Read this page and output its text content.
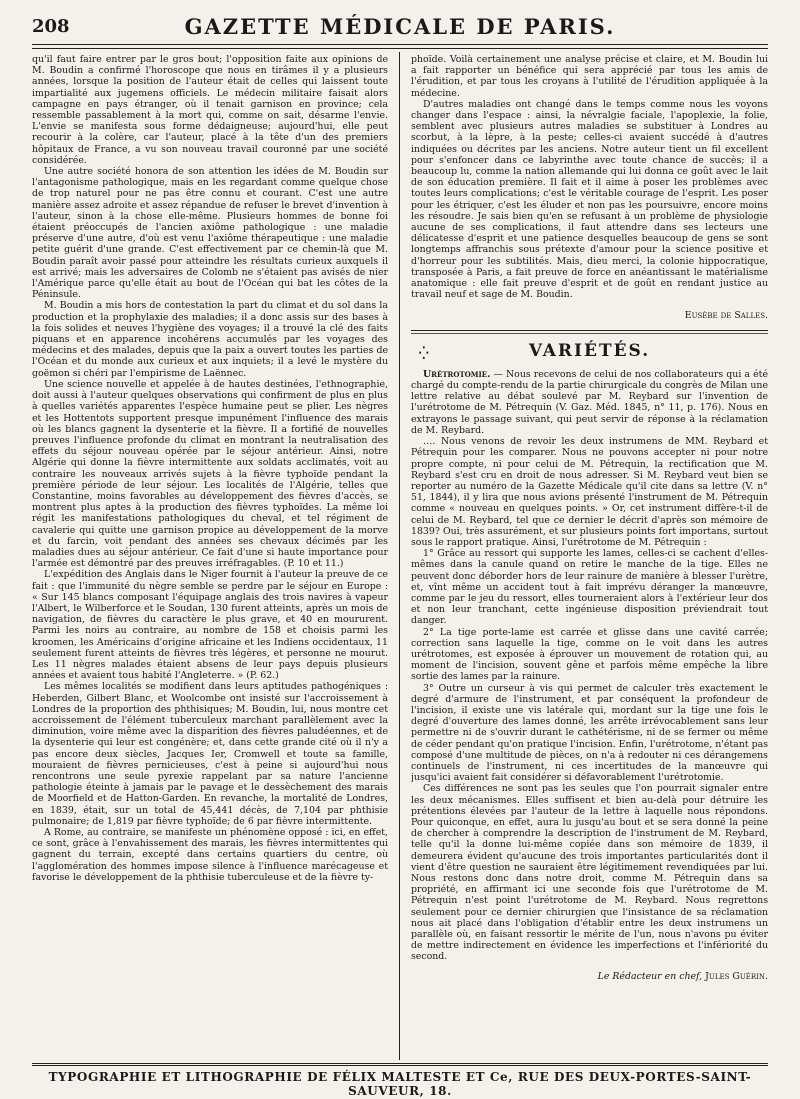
208	GAZETTE MÉDICALE DE PARIS.

qu'il faut faire entrer par le gros bout; l'opposition faite aux opinions de M. Boudin a confirmé l'horoscope que nous en tirâmes il y a plusieurs années, lorsque la position de l'auteur était de celles qui laissent toute impartialité aux jugemens officiels. Le médecin militaire faisait alors campagne en pays étranger, où il tenait garnison en province; cela ressemble passablement à la mort qui, comme on sait, désarme l'envie. L'envie se manifesta sous forme dédaigneuse; aujourd'hui, elle peut recourir à la colère, car l'auteur, placé à la tête d'un des premiers hôpitaux de France, a vu son nouveau travail couronné par une société considérée.

Une autre société honora de son attention les idées de M. Boudin sur l'antagonisme pathologique, mais en les regardant comme quelque chose de trop naturel pour ne pas être connu et courant. C'est une autre manière assez adroite et assez répandue de refuser le brevet d'invention à l'auteur, sinon à la chose elle-même. Plusieurs hommes de bonne foi étaient préoccupés de l'ancien axiôme pathologique : une maladie préserve d'une autre, d'où est venu l'axiôme thérapeutique : une maladie petite guérit d'une grande. C'est effectivement par ce chemin-là que M. Boudin paraît avoir passé pour atteindre les résultats curieux auxquels il est arrivé; mais les adversaires de Colomb ne s'étaient pas avisés de nier l'Amérique parce qu'elle était au bout de l'Océan qui bat les côtes de la Péninsule.

M. Boudin a mis hors de contestation la part du climat et du sol dans la production et la prophylaxie des maladies; il a donc assis sur des bases à la fois solides et neuves l'hygiène des voyages; il a trouvé la clé des faits piquans et en apparence incohérens accumulés par les voyages des médecins et des malades, depuis que la paix a ouvert toutes les parties de l'Océan et du monde aux curieux et aux inquiets; il a levé le mystère du goëmon si chéri par l'empirisme de Laënnec.

Une science nouvelle et appelée à de hautes destinées, l'ethnographie, doit aussi à l'auteur quelques observations qui confirment de plus en plus à quelles variétés apparentes l'espèce humaine peut se plier. Les nègres et les Hottentots supportent presque impunément l'influence des marais où les blancs gagnent la dysenterie et la fièvre. Il a fortifié de nouvelles preuves l'influence profonde du climat en montrant la neutralisation des effets du séjour nouveau opérée par le séjour antérieur. Ainsi, notre Algérie qui donne la fièvre intermittente aux soldats acclimatés, voit au contraire les nouveaux arrivés sujets à la fièvre typhoïde pendant la première période de leur séjour. Les localités de l'Algérie, telles que Constantine, moins favorables au développement des fièvres d'accès, se montrent plus aptes à la production des fièvres typhoïdes. La même loi régit les manifestations pathologiques du cheval, et tel régiment de cavalerie qui quitte une garnison propice au développement de la morve et du farcin, voit pendant des années ses chevaux décimés par les maladies dues au séjour antérieur. Ce fait d'une si haute importance pour l'armée est démontré par des preuves irréfragables. (P. 10 et 11.)

L'expédition des Anglais dans le Niger fournit à l'auteur la preuve de ce fait : que l'immunité du nègre semble se perdre par le séjour en Europe : « Sur 145 blancs composant l'équipage anglais des trois navires à vapeur l'Albert, le Wilberforce et le Soudan, 130 furent atteints, après un mois de navigation, de fièvres du caractère le plus grave, et 40 en moururent. Parmi les noirs au contraire, au nombre de 158 et choisis parmi les kroomen, les Américains d'origine africaine et les Indiens occidentaux, 11 seulement furent atteints de fièvres très légères, et personne ne mourut. Les 11 nègres malades étaient absens de leur pays depuis plusieurs années et avaient tous habité l'Angleterre. » (P. 62.)

Les mêmes localités se modifient dans leurs aptitudes pathogéniques : Heberden, Gilbert Blanc, et Woolcombe ont insisté sur l'accroissement à Londres de la proportion des phthisiques; M. Boudin, lui, nous montre cet accroissement de l'élément tuberculeux marchant parallèlement avec la diminution, voire même avec la disparition des fièvres paludéennes, et de la dysenterie qui leur est congénère; et, dans cette grande cité où il n'y a pas encore deux siècles, Jacques Ier, Cromwell et toute sa famille, mouraient de fièvres pernicieuses, c'est à peine si aujourd'hui nous rencontrons une seule pyrexie rappelant par sa nature l'ancienne pathologie éteinte à jamais par le pavage et le dessèchement des marais de Moorfield et de Hatton-Garden. En revanche, la mortalité de Londres, en 1839, était, sur un total de 45,441 décès, de 7,104 par phthisie pulmonaire; de 1,819 par fièvre typhoïde; de 6 par fièvre intermittente.

A Rome, au contraire, se manifeste un phénomène opposé : ici, en effet, ce sont, grâce à l'envahissement des marais, les fièvres intermittentes qui gagnent du terrain, excepté dans certains quartiers du centre, où l'agglomération des hommes impose silence à l'influence marécageuse et favorise le développement de la phthisie tuberculeuse et de la fièvre ty-

phoïde. Voilà certainement une analyse précise et claire, et M. Boudin lui a fait rapporter un bénéfice qui sera apprécié par tous les amis de l'érudition, et par tous les croyans à l'utilité de l'érudition appliquée à la médecine.

D'autres maladies ont changé dans le temps comme nous les voyons changer dans l'espace : ainsi, la névralgie faciale, l'apoplexie, la folie, semblent avec plusieurs autres maladies se substituer à Londres au scorbut, à la lèpre, à la peste; celles-ci avaient succédé à d'autres indiquées ou décrites par les anciens. Notre auteur tient un fil excellent pour s'enfoncer dans ce labyrinthe avec toute chance de succès; il a beaucoup lu, comme la nation allemande qui lui donna ce goût avec le lait de son éducation première. Il fait et il aime à poser les problèmes avec toutes leurs complications; c'est le véritable courage de l'esprit. Les poser pour les étriquer, c'est les éluder et non pas les poursuivre, encore moins les résoudre. Je sais bien qu'en se refusant à un problème de physiologie aucune de ses complications, il faut attendre dans ses lecteurs une délicatesse d'esprit et une patience desquelles beaucoup de gens se sont longtemps affranchis sous prétexte d'amour pour la science positive et d'horreur pour les subtilités. Mais, dieu merci, la colonie hippocratique, transposée à Paris, a fait preuve de force en anéantissant le matérialisme anatomique : elle fait preuve d'esprit et de goût en rendant justice au travail neuf et sage de M. Boudin.

Eusèbe de Salles.

⁛	VARIÉTÉS.

Urétrotomie. — Nous recevons de celui de nos collaborateurs qui a été chargé du compte-rendu de la partie chirurgicale du congrès de Milan une lettre relative au débat soulevé par M. Reybard sur l'invention de l'urétrotome de M. Pétrequin (V. Gaz. Méd. 1845, n° 11, p. 176). Nous en extrayons le passage suivant, qui peut servir de réponse à la réclamation de M. Reybard.

…. Nous venons de revoir les deux instrumens de MM. Reybard et Pétrequin pour les comparer. Nous ne pouvons accepter ni pour notre propre compte, ni pour celui de M. Pétrequin, la rectification que M. Reybard s'est cru en droit de nous adresser. Si M. Reybard veut bien se reporter au numéro de la Gazette Médicale qu'il cite dans sa lettre (V. n° 51, 1844), il y lira que nous avions présenté l'instrument de M. Pétrequin comme « nouveau en quelques points. » Or, cet instrument diffère-t-il de celui de M. Reybard, tel que ce dernier le décrit d'après son mémoire de 1839? Oui, très assurément, et sur plusieurs points fort importans, surtout sous le rapport pratique. Ainsi, l'urétrotome de M. Pétrequin :

1° Grâce au ressort qui supporte les lames, celles-ci se cachent d'elles-mêmes dans la canule quand on retire le manche de la tige. Elles ne peuvent donc déborder hors de leur rainure de manière à blesser l'urètre, et, vînt même un accident tout à fait imprévu déranger la manœuvre, comme par le jeu du ressort, elles tourneraient alors à l'extérieur leur dos et non leur tranchant, cette ingénieuse disposition préviendrait tout danger.

2° La tige porte-lame est carrée et glisse dans une cavité carrée; correction sans laquelle la tige, comme on le voit dans les autres urétrotomes, est exposée à éprouver un mouvement de rotation qui, au moment de l'incision, souvent gêne et parfois même empêche la libre sortie des lames par la rainure.

3° Outre un curseur à vis qui permet de calculer très exactement le degré d'armure de l'instrument, et par conséquent la profondeur de l'incision, il existe une vis latérale qui, mordant sur la tige une fois le degré d'ouverture des lames donné, les arrête irrévocablement sans leur permettre ni de s'ouvrir durant le cathétérisme, ni de se fermer ou même de céder pendant qu'on pratique l'incision. Enfin, l'urétrotome, n'étant pas composé d'une multitude de pièces, on n'a à redouter ni ces dérangemens continuels de l'instrument, ni ces incertitudes de la manœuvre qui jusqu'ici avaient fait considérer si défavorablement l'urétrotomie.

Ces différences ne sont pas les seules que l'on pourrait signaler entre les deux mécanismes. Elles suffisent et bien au-delà pour détruire les prétentions élevées par l'auteur de la lettre à laquelle nous répondons. Pour quiconque, en effet, aura lu jusqu'au bout et se sera donné la peine de chercher à comprendre la description de l'instrument de M. Reybard, telle qu'il la donne lui-même copiée dans son mémoire de 1839, il demeurera évident qu'aucune des trois importantes particularités dont il vient d'être question ne sauraient être légitimement revendiquées par lui. Nous restons donc dans notre droit, comme M. Pétrequin dans sa propriété, en affirmant ici une seconde fois que l'urétrotome de M. Pétrequin n'est point l'urétrotome de M. Reybard. Nous regrettons seulement pour ce dernier chirurgien que l'insistance de sa réclamation nous ait placé dans l'obligation d'établir entre les deux instrumens un parallèle où, en faisant ressortir le mérite de l'un, nous n'avons pu éviter de mettre indirectement en évidence les imperfections et l'infériorité du second.

Le Rédacteur en chef, Jules Guérin.

TYPOGRAPHIE ET LITHOGRAPHIE DE FÉLIX MALTESTE ET Ce, RUE DES DEUX-PORTES-SAINT-SAUVEUR, 18.
